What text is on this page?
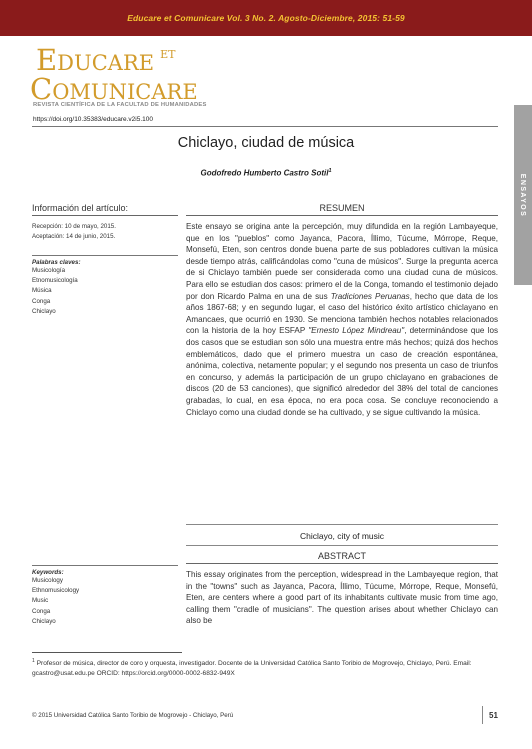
Educare et Comunicare Vol. 3 No. 2. Agosto-Diciembre, 2015: 51-59
EDUCARE $^{ET}$
COMUNICARE
REVISTA CIENTÍFICA DE LA FACULTAD DE HUMANIDADES
https://doi.org/10.35383/educare.v2i5.100
ENSAYOS
Chiclayo, ciudad de música
Godofredo Humberto Castro Sotil$^1$
Información del artículo:	RESUMEN
Recepción: 10 de mayo, 2015.
Aceptación: 14 de junio, 2015.
Palabras claves:
Musicología
Etnomusicología
Música
Conga
Chiclayo
Este ensayo se origina ante la percepción, muy difundida en la región Lambayeque, que en los "pueblos" como Jayanca, Pacora, Íllimo, Túcume, Mórrope, Reque, Monsefú, Eten, son centros donde buena parte de sus pobladores cultivan la música desde tiempo atrás, calificándolas como "cuna de músicos". Surge la pregunta acerca de si Chiclayo también puede ser considerada como una ciudad cuna de músicos. Para ello se estudian dos casos: primero el de la Conga, tomando el testimonio dejado por don Ricardo Palma en una de sus Tradiciones Peruanas, hecho que data de los años 1867-68; y en segundo lugar, el caso del histórico éxito artístico chiclayano en Amancaes, que ocurrió en 1930. Se menciona también hechos notables relacionados con la historia de la hoy ESFAP "Ernesto López Mindreau", determinándose que los dos casos que se estudian son sólo una muestra entre más hechos; quizá dos hechos emblemáticos, dado que el primero muestra un caso de creación espontánea, anónima, colectiva, netamente popular; y el segundo nos presenta un caso de triunfos en concurso, y además la participación de un grupo chiclayano en grabaciones de discos (20 de 53 canciones), que significó alrededor del 38% del total de canciones grabadas, lo cual, en esa época, no era poca cosa. Se concluye reconociendo a Chiclayo como una ciudad donde se ha cultivado, y se sigue cultivando la música.
Chiclayo, city of music
ABSTRACT
Keywords:
Musicology
Ethnomusicology
Music
Conga
Chiclayo
This essay originates from the perception, widespread in the Lambayeque region, that in the "towns" such as Jayanca, Pacora, Íllimo, Túcume, Mórrope, Reque, Monsefú, Eten, are centers where a good part of its inhabitants cultivate music from time ago, calling them "cradle of musicians". The question arises about whether Chiclayo can also be
$^1$ Profesor de música, director de coro y orquesta, investigador. Docente de la Universidad Católica Santo Toribio de Mogrovejo, Chiclayo, Perú. Email: gcastro@usat.edu.pe ORCID: https://orcid.org/0000-0002-6832-949X
© 2015 Universidad Católica Santo Toribio de Mogrovejo - Chiclayo, Perú	51
